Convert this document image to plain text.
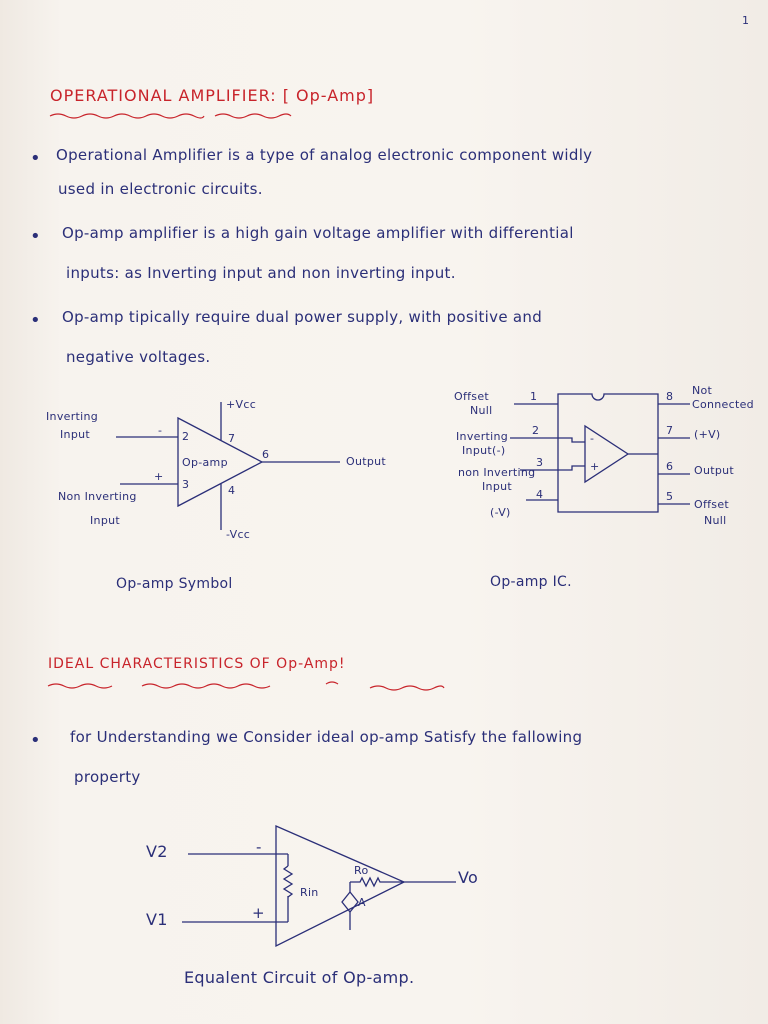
1
OPERATIONAL AMPLIFIER: [ Op-Amp]
• Operational Amplifier is a type of analog electronic component widly
used in electronic circuits.
• Op-amp amplifier is a high gain voltage amplifier with differential
inputs: as Inverting input and non inverting input.
• Op-amp tipically require dual power supply, with positive and
negative voltages.
Inverting
Input
Non Inverting
Input
+Vcc
-Vcc
Op-amp	Output
-
+
2
3
7
6
4
Op-amp Symbol
Offset
Null
1
Inverting
Input(-)
2
non Inverting
Input
3
(-V)
4
8 Not
Connected
7 (+V)
6 Output
5
Offset
Null
-
+
Op-amp IC.
IDEAL CHARACTERISTICS OF Op-Amp!
• for Understanding we Consider ideal op-amp Satisfy the fallowing
property
V2
V1
Vo
Rin
Ro
A
-
+
Equalent Circuit of Op-amp.
